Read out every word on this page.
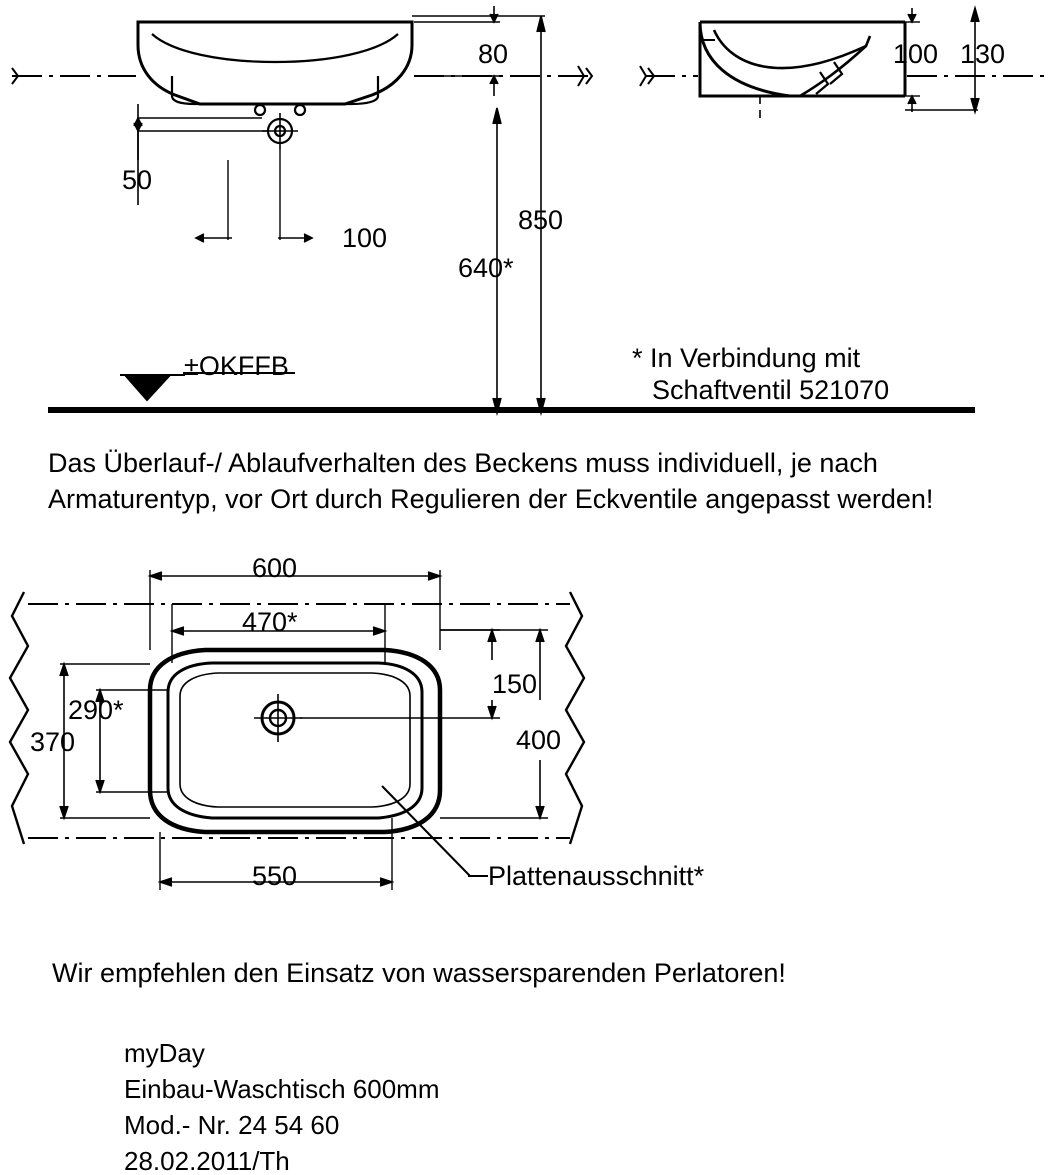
80
50
100
850
640*
±OKFFB
100 130
* In Verbindung mit
Schaftventil 521070
Das Überlauf-/ Ablaufverhalten des Beckens muss individuell, je nach
Armaturentyp, vor Ort durch Regulieren der Eckventile angepasst werden!
600
470*
290*
370
150
400
550	Plattenausschnitt*
Wir empfehlen den Einsatz von wassersparenden Perlatoren!
myDay
Einbau-Waschtisch 600mm
Mod.- Nr. 24 54 60
28.02.2011/Th
